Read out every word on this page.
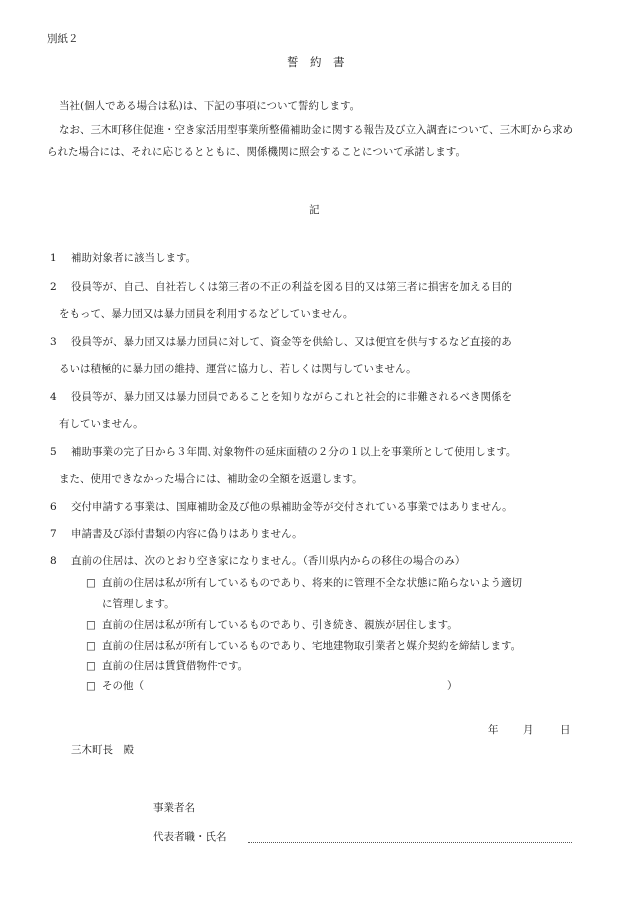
別紙２
誓　約　書
当社(個人である場合は私)は、下記の事項について誓約します。
なお、三木町移住促進・空き家活用型事業所整備補助金に関する報告及び立入調査について、三木町から求められた場合には、それに応じるとともに、関係機関に照会することについて承諾します。
記
1 補助対象者に該当します。
2 役員等が、自己、自社若しくは第三者の不正の利益を図る目的又は第三者に損害を加える目的
をもって、暴力団又は暴力団員を利用するなどしていません。
3 役員等が、暴力団又は暴力団員に対して、資金等を供給し、又は便宜を供与するなど直接的あ
るいは積極的に暴力団の維持、運営に協力し、若しくは関与していません。
4 役員等が、暴力団又は暴力団員であることを知りながらこれと社会的に非難されるべき関係を
有していません。
5 補助事業の完了日から３年間､対象物件の延床面積の２分の１以上を事業所として使用します。
また、使用できなかった場合には、補助金の全額を返還します。
6 交付申請する事業は、国庫補助金及び他の県補助金等が交付されている事業ではありません。
7 申請書及び添付書類の内容に偽りはありません。
8 直前の住居は、次のとおり空き家になりません。（香川県内からの移住の場合のみ）
□ 直前の住居は私が所有しているものであり、将来的に管理不全な状態に陥らないよう適切
に管理します。
□ 直前の住居は私が所有しているものであり、引き続き、親族が居住します。
□ 直前の住居は私が所有しているものであり、宅地建物取引業者と媒介契約を締結します。
□ 直前の住居は賃貸借物件です。
□ その他（	）
年 月	日
三木町長　殿
事業者名
代表者職・氏名
